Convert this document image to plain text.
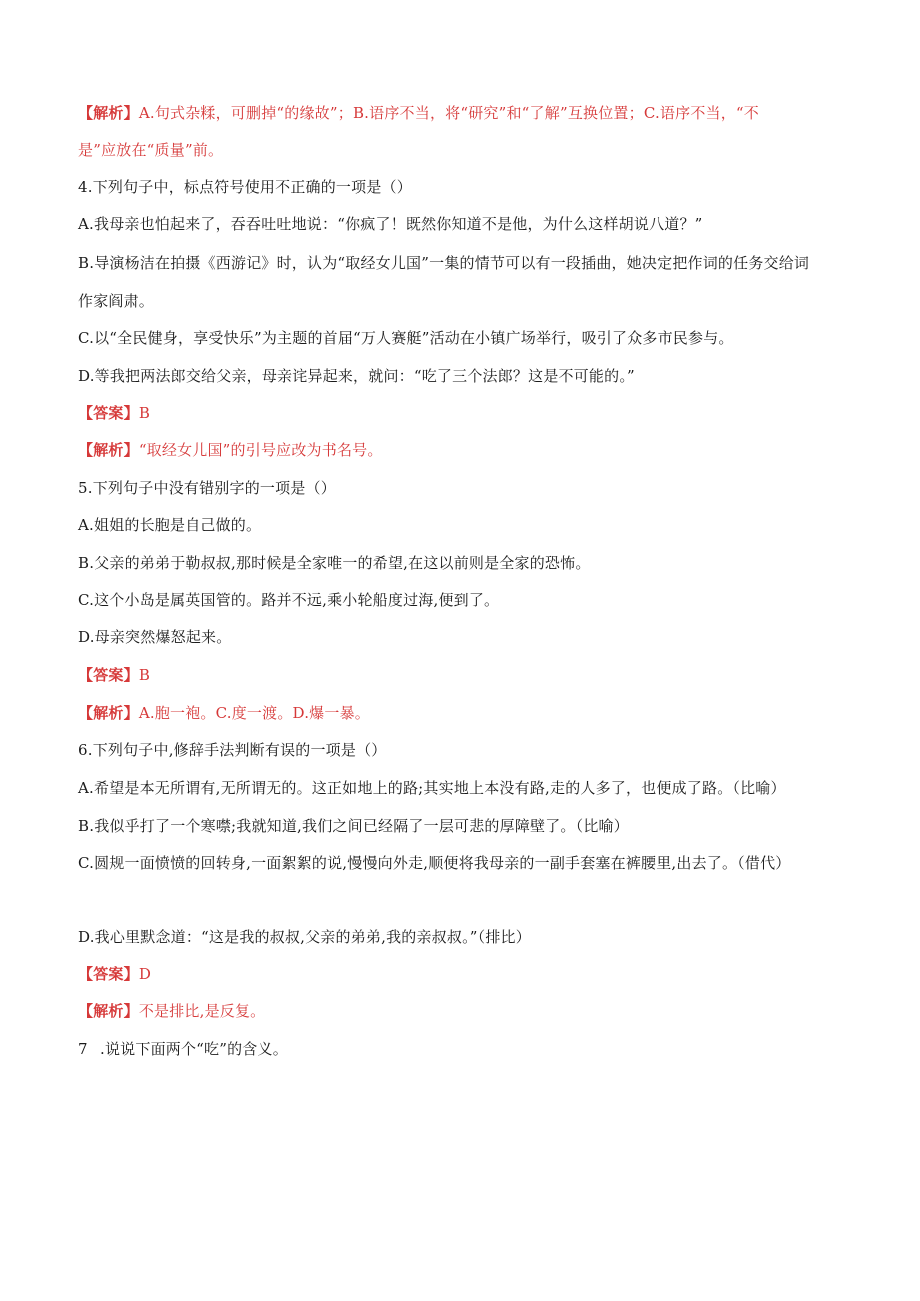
【解析】A.句式杂糅，可删掉“的缘故”；B.语序不当，将“研究”和“了解”互换位置；C.语序不当，“不
是”应放在“质量”前。
4.下列句子中，标点符号使用不正确的一项是（）
A.我母亲也怕起来了，吞吞吐吐地说：“你疯了！既然你知道不是他，为什么这样胡说八道？”
B.导演杨洁在拍摄《西游记》时，认为“取经女儿国”一集的情节可以有一段插曲，她决定把作词的任务交给词
作家阎肃。
C.以“全民健身，享受快乐”为主题的首届“万人赛艇”活动在小镇广场举行，吸引了众多市民参与。
D.等我把两法郎交给父亲，母亲诧异起来，就问：“吃了三个法郎？这是不可能的。”
【答案】B
【解析】“取经女儿国”的引号应改为书名号。
5.下列句子中没有错别字的一项是（）
A.姐姐的长胞是自己做的。
B.父亲的弟弟于勒叔叔,那时候是全家唯一的希望,在这以前则是全家的恐怖。
C.这个小岛是属英国管的。路并不远,乘小轮船度过海,便到了。
D.母亲突然爆怒起来。
【答案】B
【解析】A.胞一袍。C.度一渡。D.爆一暴。
6.下列句子中,修辞手法判断有误的一项是（）
A.希望是本无所谓有,无所谓无的。这正如地上的路;其实地上本没有路,走的人多了，也便成了路。（比喻）
B.我似乎打了一个寒噤;我就知道,我们之间已经隔了一层可悲的厚障壁了。（比喻）
C.圆规一面愤愤的回转身,一面絮絮的说,慢慢向外走,顺便将我母亲的一副手套塞在裤腰里,出去了。（借代）
D.我心里默念道：“这是我的叔叔,父亲的弟弟,我的亲叔叔。”（排比）
【答案】D
【解析】不是排比,是反复。
7 .说说下面两个“吃”的含义。
